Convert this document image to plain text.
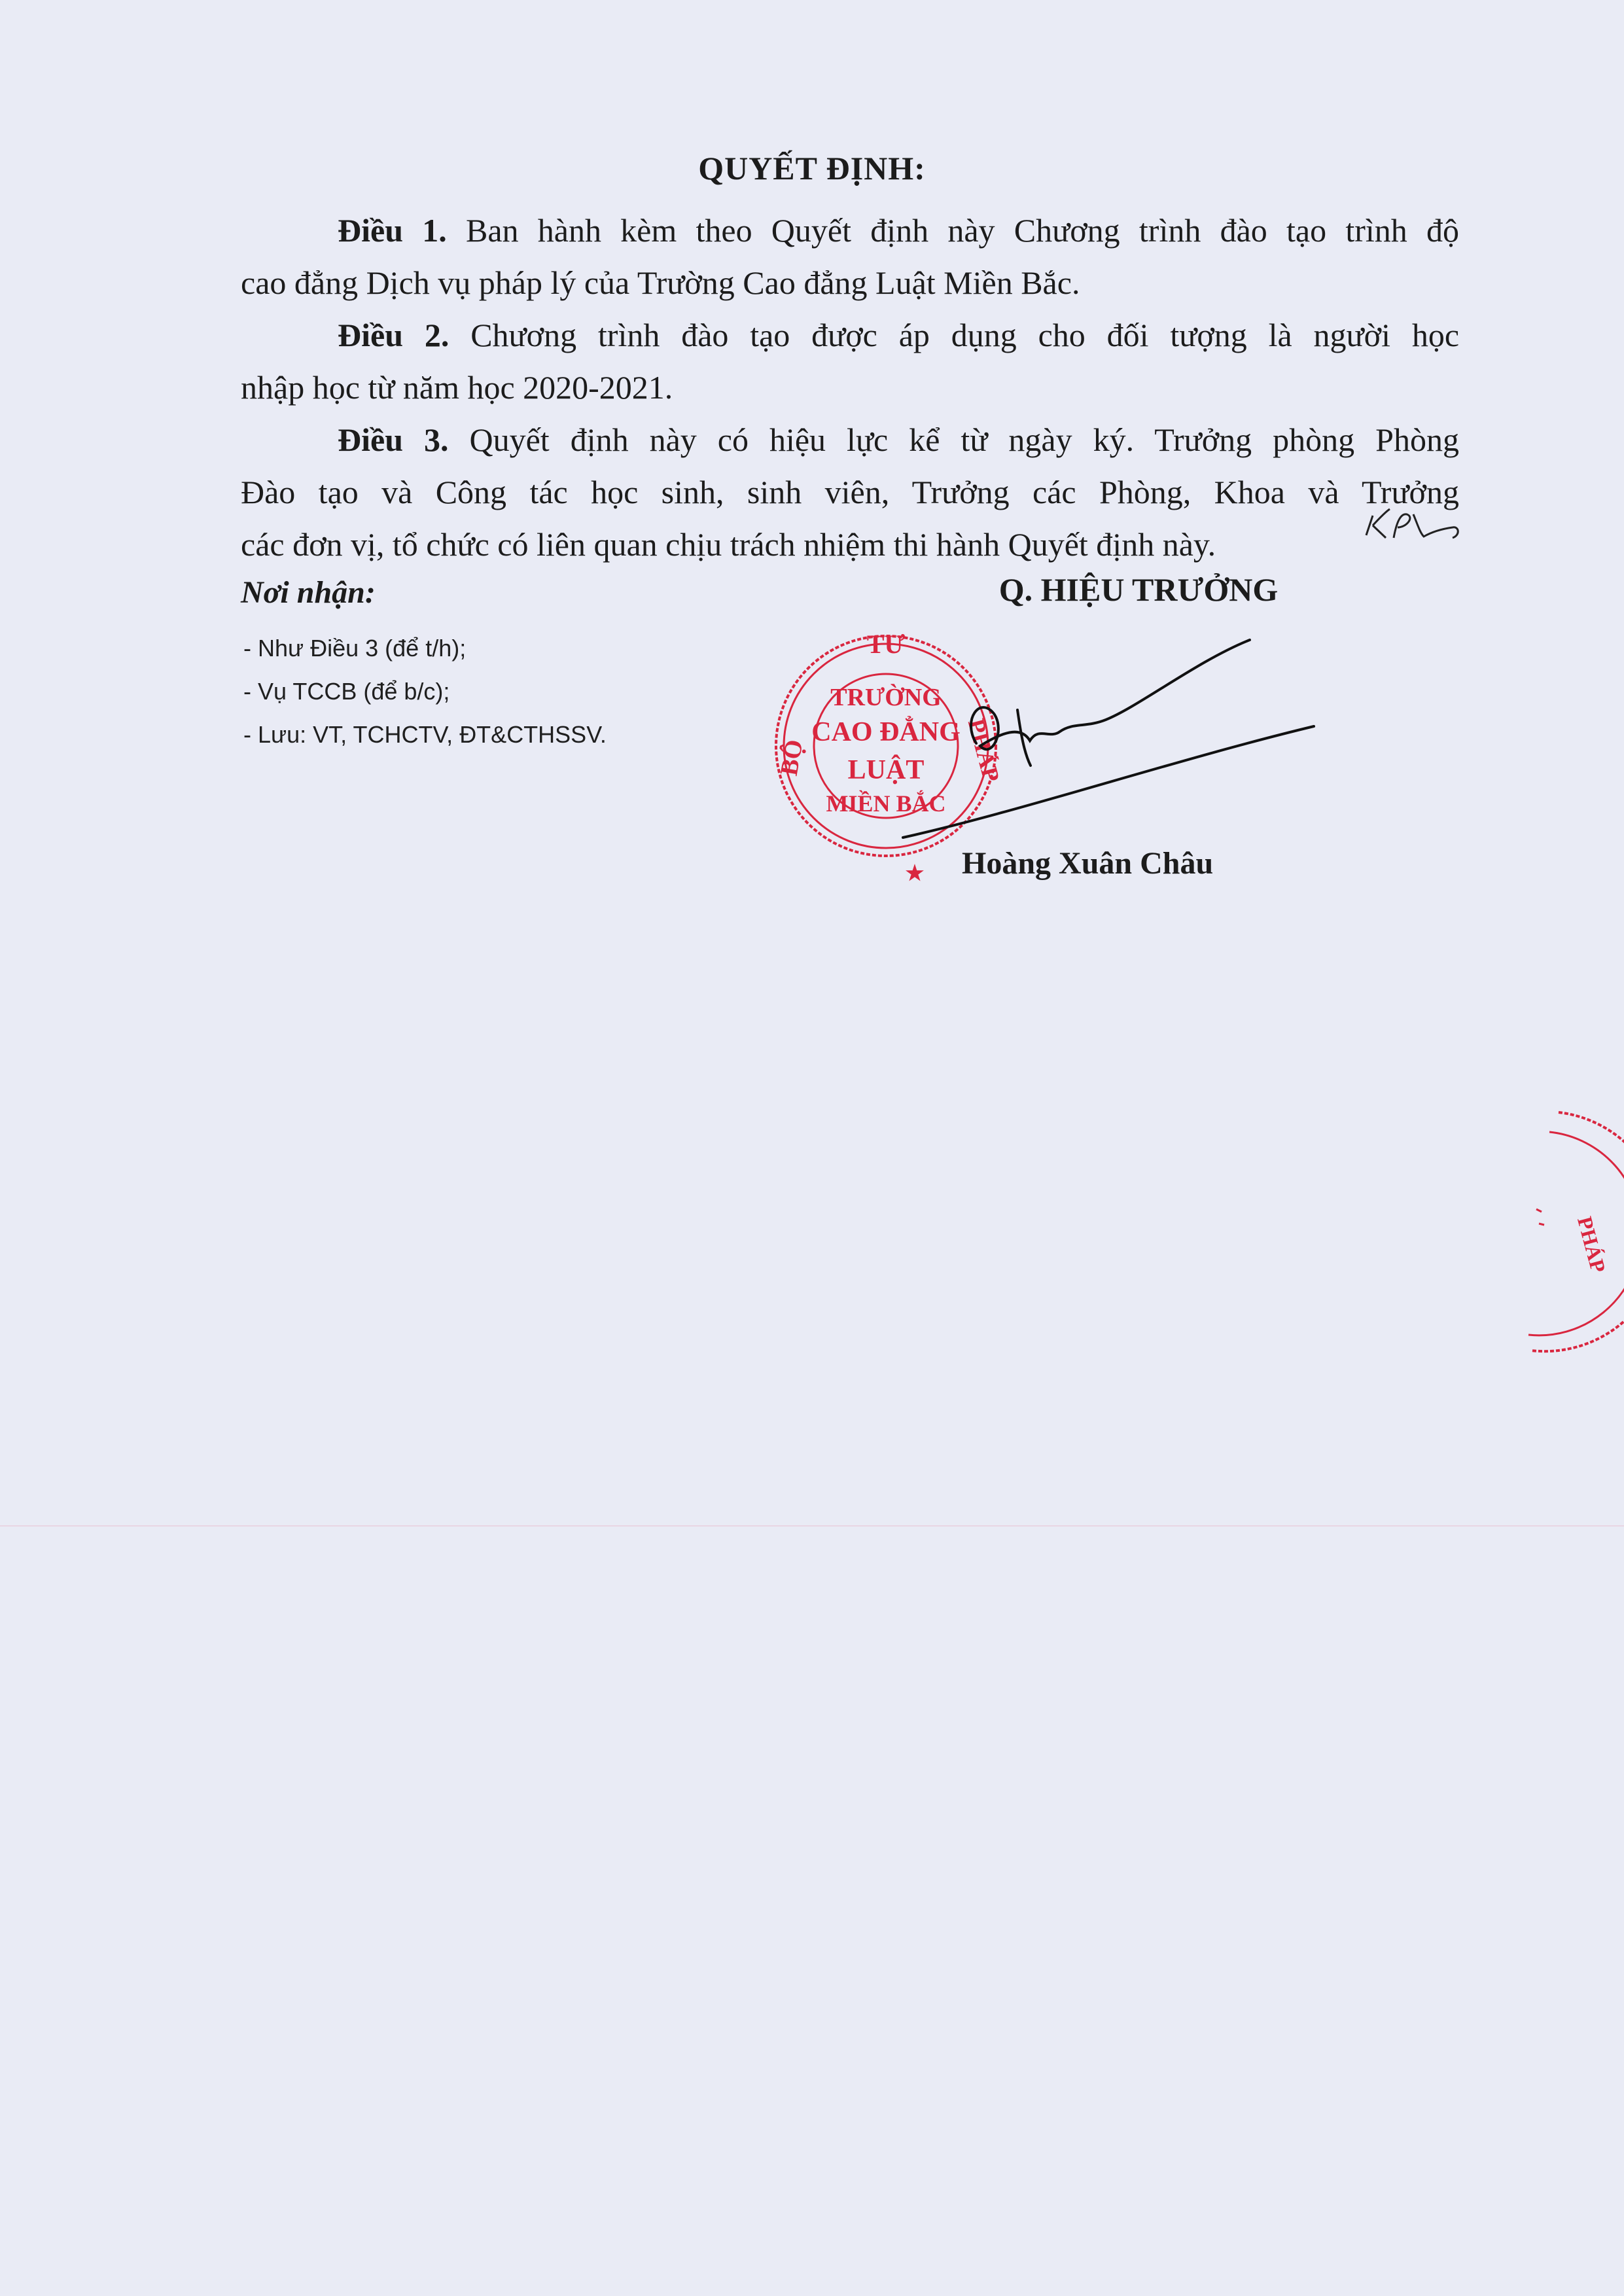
QUYẾT ĐỊNH:
Điều 1. Ban hành kèm theo Quyết định này Chương trình đào tạo trình độ
cao đẳng Dịch vụ pháp lý của Trường Cao đẳng Luật Miền Bắc.
Điều 2. Chương trình đào tạo được áp dụng cho đối tượng là người học
nhập học từ năm học 2020-2021.
Điều 3. Quyết định này có hiệu lực kể từ ngày ký. Trưởng phòng Phòng
Đào tạo và Công tác học sinh, sinh viên, Trưởng các Phòng, Khoa và Trưởng
các đơn vị, tổ chức có liên quan chịu trách nhiệm thi hành Quyết định này.
Nơi nhận:
- Như Điều 3 (để t/h);
- Vụ TCCB (để b/c);
- Lưu: VT, TCHCTV, ĐT&CTHSSV.
Q. HIỆU TRƯỞNG
TƯ
BỘ	PHÁP
TRƯỜNG
CAO ĐẲNG
LUẬT
MIỀN BẮC
★
PHÁP
Hoàng Xuân Châu
